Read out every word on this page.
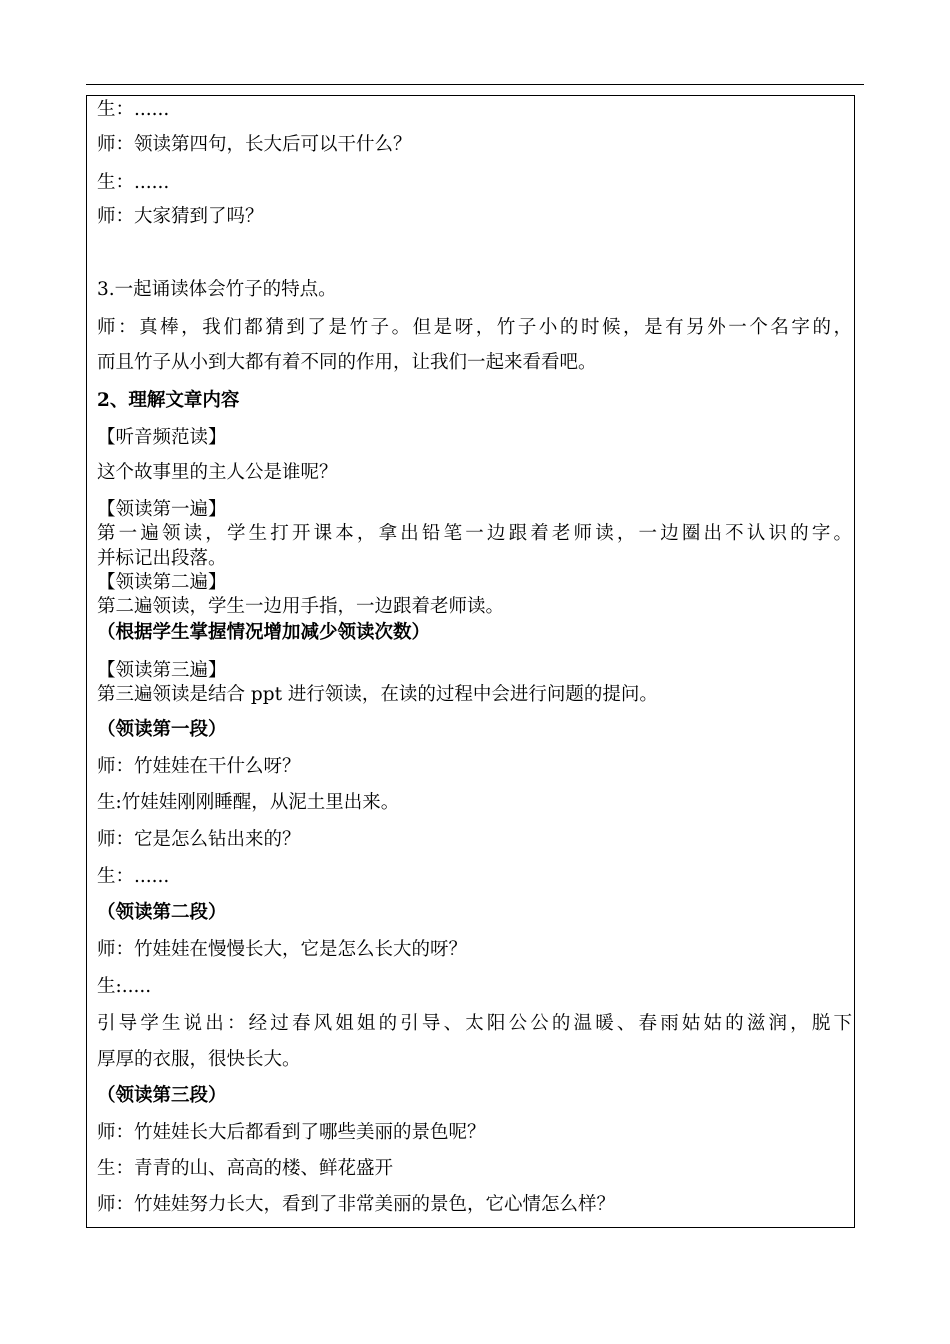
生：......
师：领读第四句，长大后可以干什么？
生：......
师：大家猜到了吗？
3.一起诵读体会竹子的特点。
师：真棒，我们都猜到了是竹子。但是呀，竹子小的时候，是有另外一个名字的，
而且竹子从小到大都有着不同的作用，让我们一起来看看吧。
2、理解文章内容
【听音频范读】
这个故事里的主人公是谁呢？
【领读第一遍】
第一遍领读，学生打开课本，拿出铅笔一边跟着老师读，一边圈出不认识的字。
并标记出段落。
【领读第二遍】
第二遍领读，学生一边用手指，一边跟着老师读。
（根据学生掌握情况增加减少领读次数）
【领读第三遍】
第三遍领读是结合 ppt 进行领读，在读的过程中会进行问题的提问。
（领读第一段）
师：竹娃娃在干什么呀？
生:竹娃娃刚刚睡醒，从泥土里出来。
师：它是怎么钻出来的？
生：......
（领读第二段）
师：竹娃娃在慢慢长大，它是怎么长大的呀？
生:.....
引导学生说出：经过春风姐姐的引导、太阳公公的温暖、春雨姑姑的滋润，脱下
厚厚的衣服，很快长大。
（领读第三段）
师：竹娃娃长大后都看到了哪些美丽的景色呢？
生：青青的山、高高的楼、鲜花盛开
师：竹娃娃努力长大，看到了非常美丽的景色，它心情怎么样？
